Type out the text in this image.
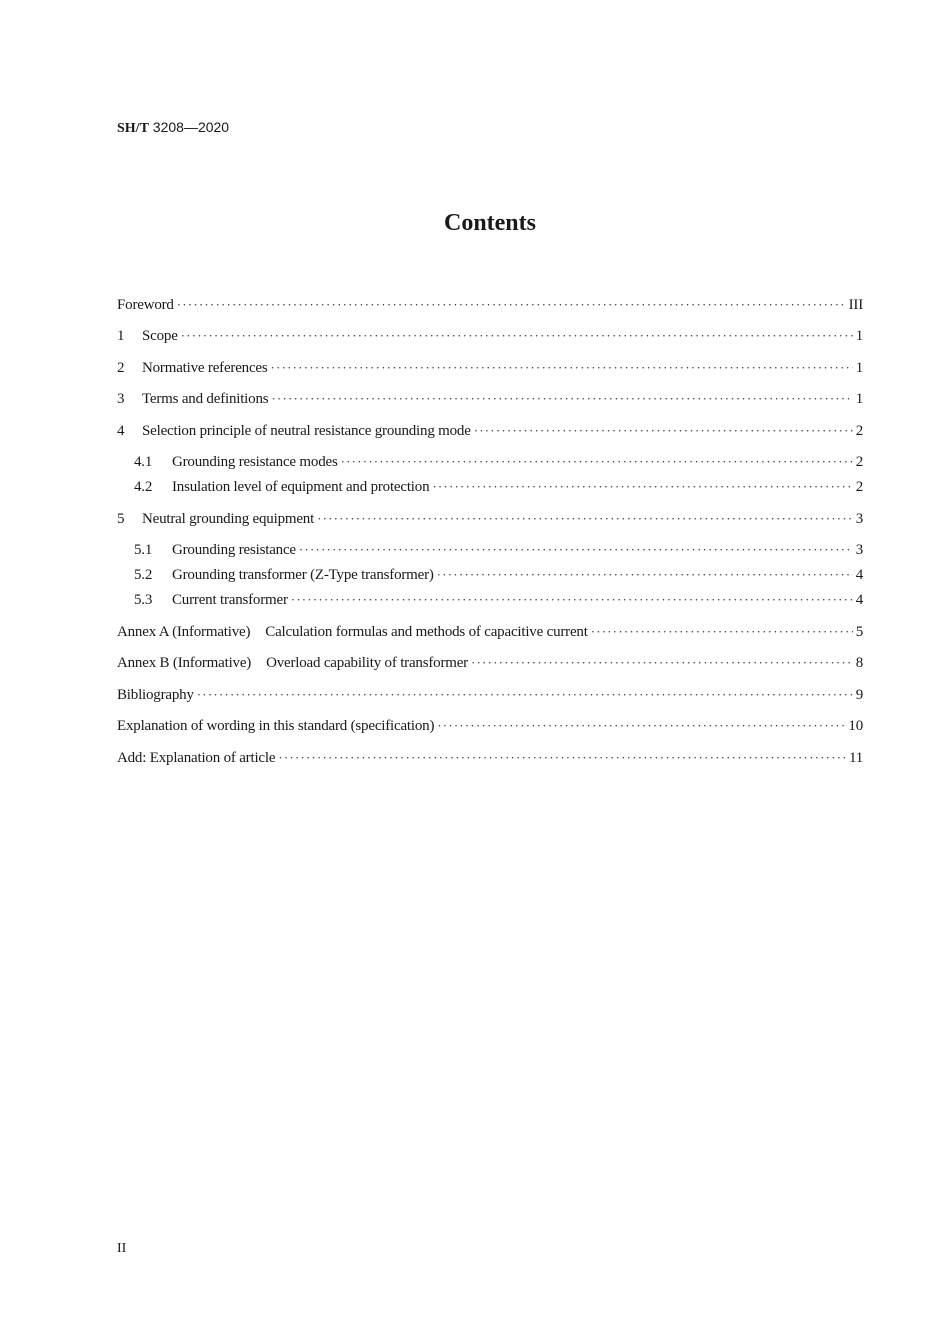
SH/T 3208—2020
Contents
Foreword ·····	III
1	Scope ·····	1
2	Normative references ·····	1
3	Terms and definitions ·····	1
4	Selection principle of neutral resistance grounding mode ·····	2
4.1	Grounding resistance modes ·····	2
4.2	Insulation level of equipment and protection ·····	2
5	Neutral grounding equipment ·····	3
5.1	Grounding resistance ·····	3
5.2	Grounding transformer (Z-Type transformer) ·····	4
5.3	Current transformer ·····	4
Annex A (Informative) Calculation formulas and methods of capacitive current ·····	5
Annex B (Informative) Overload capability of transformer ·····	8
Bibliography ·····	9
Explanation of wording in this standard (specification) ·····	10
Add: Explanation of article ·····	11
II
